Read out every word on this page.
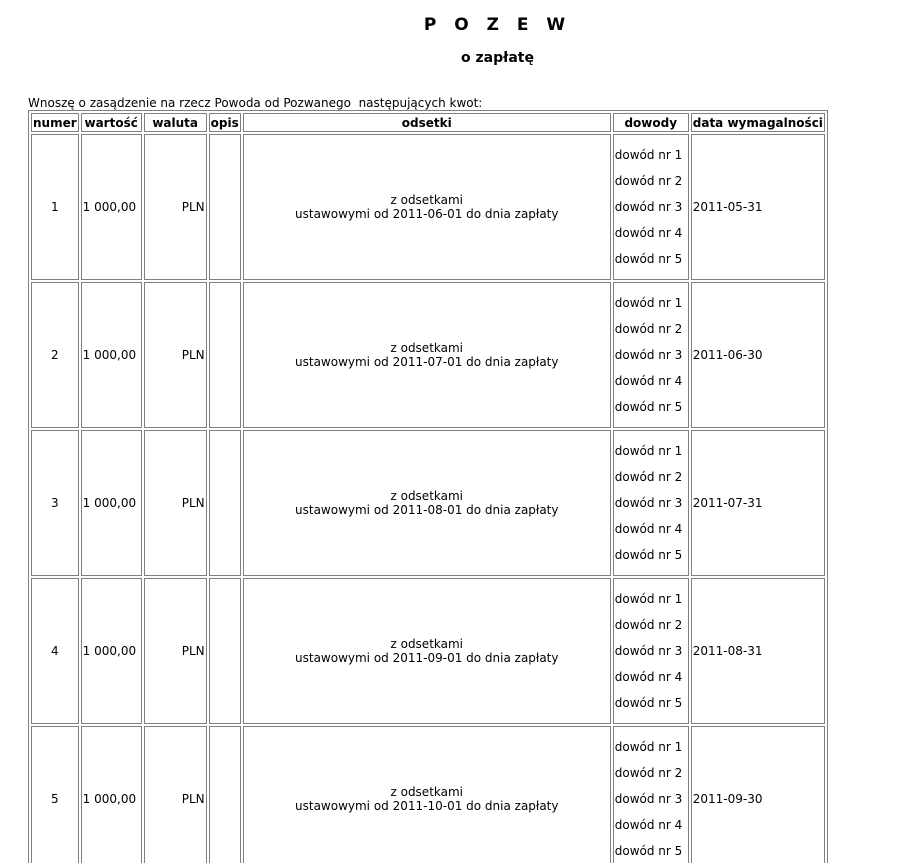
P O Z E W
o zapłatę
Wnoszę o zasądzenie na rzecz Powoda od Pozwanego  następujących kwot:
numer	wartość	waluta	opis	odsetki	dowody	data wymagalności
1	1 000,00	PLN		z odsetkami
ustawowymi od 2011-06-01 do dnia zapłaty	dowód nr 1
dowód nr 2
dowód nr 3
dowód nr 4
dowód nr 5	2011-05-31
2	1 000,00	PLN		z odsetkami
ustawowymi od 2011-07-01 do dnia zapłaty	dowód nr 1
dowód nr 2
dowód nr 3
dowód nr 4
dowód nr 5	2011-06-30
3	1 000,00	PLN		z odsetkami
ustawowymi od 2011-08-01 do dnia zapłaty	dowód nr 1
dowód nr 2
dowód nr 3
dowód nr 4
dowód nr 5	2011-07-31
4	1 000,00	PLN		z odsetkami
ustawowymi od 2011-09-01 do dnia zapłaty	dowód nr 1
dowód nr 2
dowód nr 3
dowód nr 4
dowód nr 5	2011-08-31
5	1 000,00	PLN		z odsetkami
ustawowymi od 2011-10-01 do dnia zapłaty	dowód nr 1
dowód nr 2
dowód nr 3
dowód nr 4
dowód nr 5	2011-09-30
